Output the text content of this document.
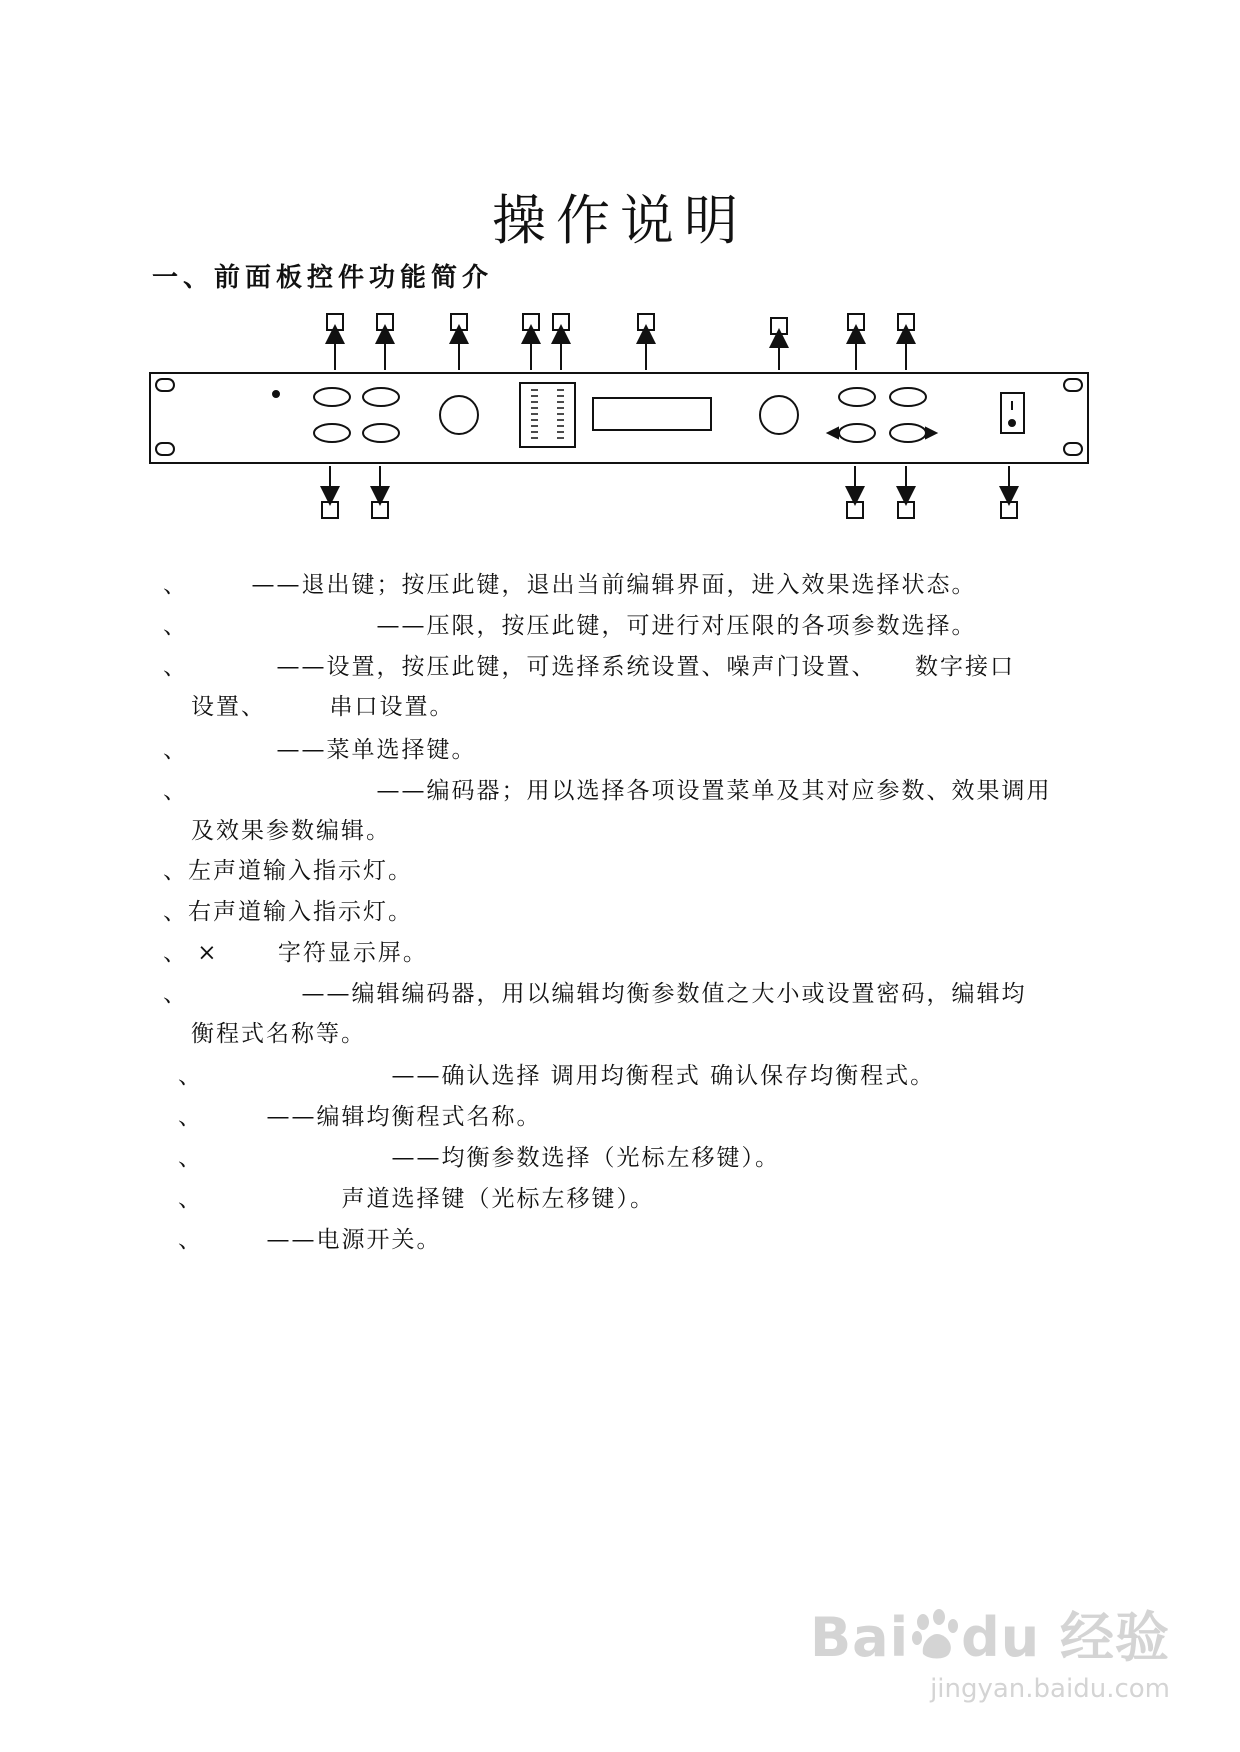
操作说明
一、前面板控件功能简介
、　　　——退出键；按压此键，退出当前编辑界面，进入效果选择状态。
、　　　　　　　　——压限，按压此键，可进行对压限的各项参数选择。
、　　　　——设置，按压此键，可选择系统设置、噪声门设置、　　数字接口
设置、　　　串口设置。
、　　　　——菜单选择键。
、　　　　　　　　——编码器；用以选择各项设置菜单及其对应参数、效果调用
及效果参数编辑。
、左声道输入指示灯。
、右声道输入指示灯。
、 ×　　 字符显示屏。
、　　　　　——编辑编码器，用以编辑均衡参数值之大小或设置密码，编辑均
衡程式名称等。
、　　　　　　　　——确认选择 调用均衡程式 确认保存均衡程式。
、　　　——编辑均衡程式名称。
、　　　　　　　　——均衡参数选择（光标左移键）。
、　　　　　　声道选择键（光标左移键）。
、　　　——电源开关。
Bai du 经验
jingyan.baidu.com
